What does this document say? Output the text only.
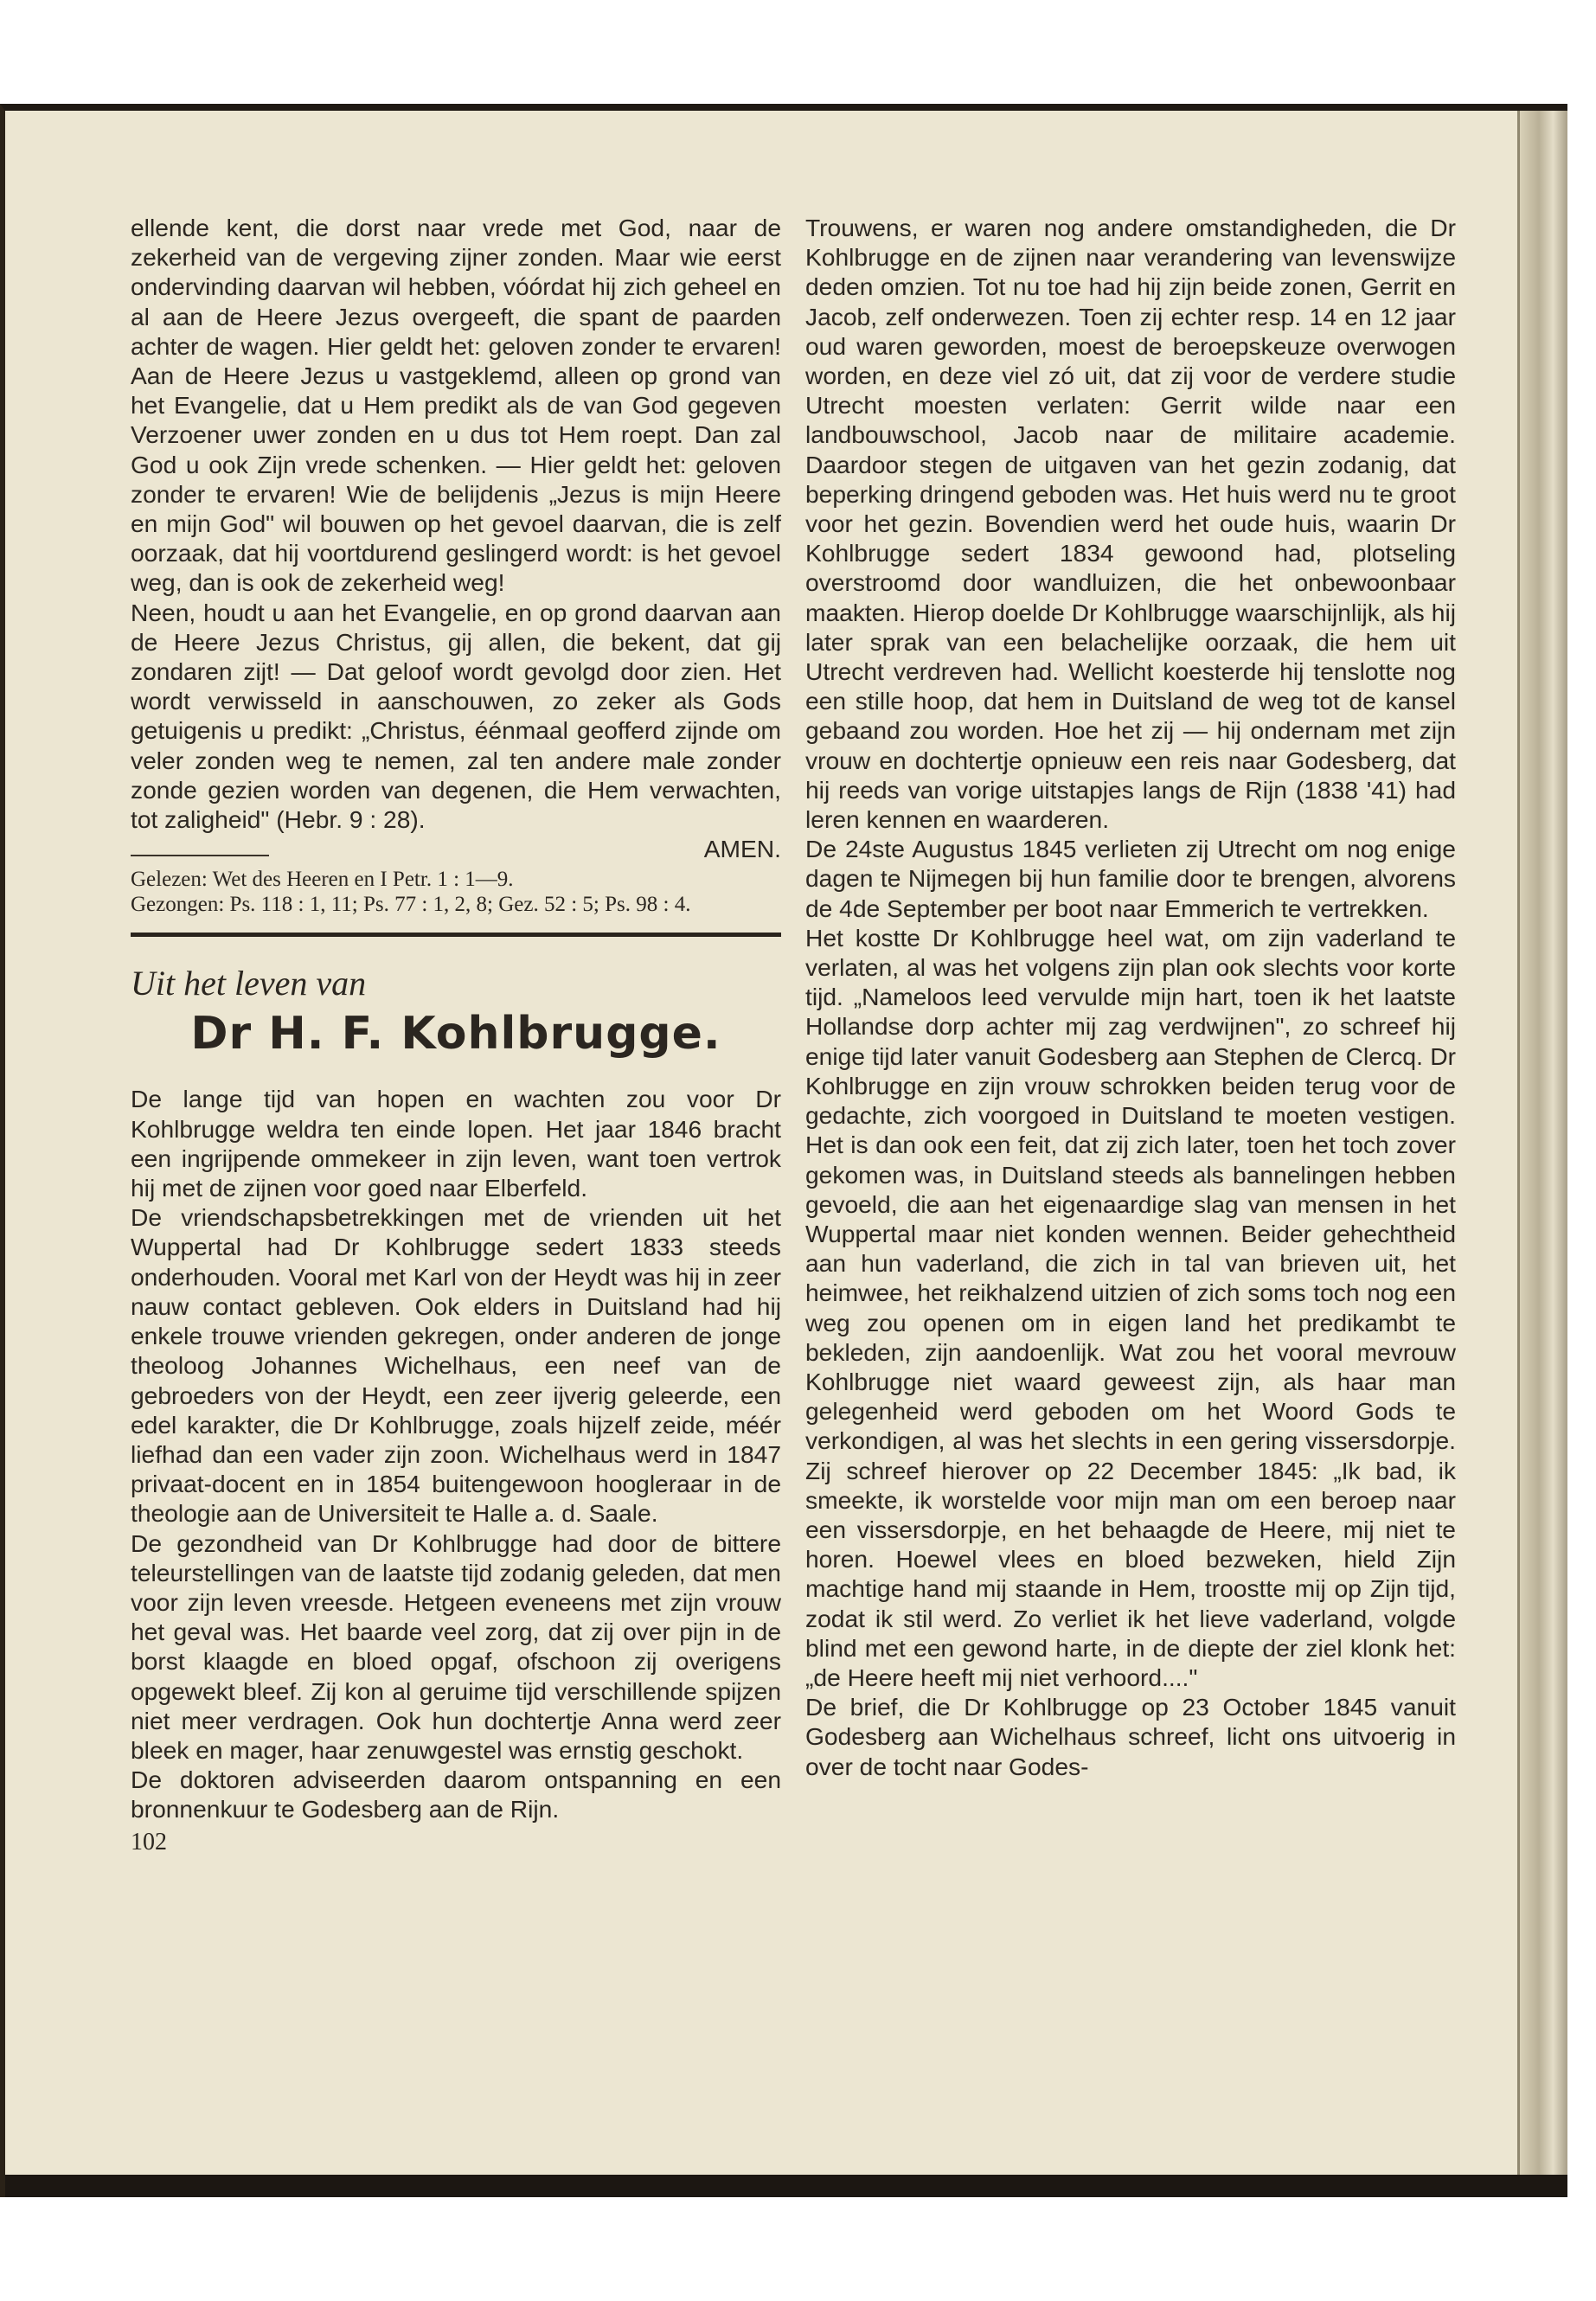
ellende kent, die dorst naar vrede met God, naar de zekerheid van de vergeving zijner zonden. Maar wie eerst ondervinding daarvan wil hebben, vóórdat hij zich geheel en al aan de Heere Jezus overgeeft, die spant de paarden achter de wagen. Hier geldt het: geloven zonder te ervaren! Aan de Heere Jezus u vastgeklemd, alleen op grond van het Evangelie, dat u Hem predikt als de van God gegeven Verzoener uwer zonden en u dus tot Hem roept. Dan zal God u ook Zijn vrede schenken. — Hier geldt het: geloven zonder te ervaren! Wie de belijdenis „Jezus is mijn Heere en mijn God" wil bouwen op het gevoel daarvan, die is zelf oorzaak, dat hij voortdurend geslingerd wordt: is het gevoel weg, dan is ook de zekerheid weg!

Neen, houdt u aan het Evangelie, en op grond daarvan aan de Heere Jezus Christus, gij allen, die bekent, dat gij zondaren zijt! — Dat geloof wordt gevolgd door zien. Het wordt verwisseld in aanschouwen, zo zeker als Gods getuigenis u predikt: „Christus, éénmaal geofferd zijnde om veler zonden weg te nemen, zal ten andere male zonder zonde gezien worden van degenen, die Hem verwachten, tot zaligheid" (Hebr. 9 : 28).

AMEN.
Gelezen: Wet des Heeren en I Petr. 1 : 1—9.
Gezongen: Ps. 118 : 1, 11; Ps. 77 : 1, 2, 8; Gez. 52 : 5; Ps. 98 : 4.
Uit het leven van
Dr H. F. Kohlbrugge.

De lange tijd van hopen en wachten zou voor Dr Kohlbrugge weldra ten einde lopen. Het jaar 1846 bracht een ingrijpende ommekeer in zijn leven, want toen vertrok hij met de zijnen voor goed naar Elberfeld.

De vriendschapsbetrekkingen met de vrienden uit het Wuppertal had Dr Kohlbrugge sedert 1833 steeds onderhouden. Vooral met Karl von der Heydt was hij in zeer nauw contact gebleven. Ook elders in Duitsland had hij enkele trouwe vrienden gekregen, onder anderen de jonge theoloog Johannes Wichelhaus, een neef van de gebroeders von der Heydt, een zeer ijverig geleerde, een edel karakter, die Dr Kohlbrugge, zoals hijzelf zeide, méér liefhad dan een vader zijn zoon. Wichelhaus werd in 1847 privaat-docent en in 1854 buitengewoon hoogleraar in de theologie aan de Universiteit te Halle a. d. Saale.

De gezondheid van Dr Kohlbrugge had door de bittere teleurstellingen van de laatste tijd zodanig geleden, dat men voor zijn leven vreesde. Hetgeen eveneens met zijn vrouw het geval was. Het baarde veel zorg, dat zij over pijn in de borst klaagde en bloed opgaf, ofschoon zij overigens opgewekt bleef. Zij kon al geruime tijd verschillende spijzen niet meer verdragen. Ook hun dochtertje Anna werd zeer bleek en mager, haar zenuwgestel was ernstig geschokt.

De doktoren adviseerden daarom ontspanning en een bronnenkuur te Godesberg aan de Rijn.

102

Trouwens, er waren nog andere omstandigheden, die Dr Kohlbrugge en de zijnen naar verandering van levenswijze deden omzien. Tot nu toe had hij zijn beide zonen, Gerrit en Jacob, zelf onderwezen. Toen zij echter resp. 14 en 12 jaar oud waren geworden, moest de beroepskeuze overwogen worden, en deze viel zó uit, dat zij voor de verdere studie Utrecht moesten verlaten: Gerrit wilde naar een landbouwschool, Jacob naar de militaire academie. Daardoor stegen de uitgaven van het gezin zodanig, dat beperking dringend geboden was. Het huis werd nu te groot voor het gezin. Bovendien werd het oude huis, waarin Dr Kohlbrugge sedert 1834 gewoond had, plotseling overstroomd door wandluizen, die het onbewoonbaar maakten. Hierop doelde Dr Kohlbrugge waarschijnlijk, als hij later sprak van een belachelijke oorzaak, die hem uit Utrecht verdreven had. Wellicht koesterde hij tenslotte nog een stille hoop, dat hem in Duitsland de weg tot de kansel gebaand zou worden. Hoe het zij — hij ondernam met zijn vrouw en dochtertje opnieuw een reis naar Godesberg, dat hij reeds van vorige uitstapjes langs de Rijn (1838 '41) had leren kennen en waarderen.

De 24ste Augustus 1845 verlieten zij Utrecht om nog enige dagen te Nijmegen bij hun familie door te brengen, alvorens de 4de September per boot naar Emmerich te vertrekken.

Het kostte Dr Kohlbrugge heel wat, om zijn vaderland te verlaten, al was het volgens zijn plan ook slechts voor korte tijd. „Nameloos leed vervulde mijn hart, toen ik het laatste Hollandse dorp achter mij zag verdwijnen", zo schreef hij enige tijd later vanuit Godesberg aan Stephen de Clercq. Dr Kohlbrugge en zijn vrouw schrokken beiden terug voor de gedachte, zich voorgoed in Duitsland te moeten vestigen. Het is dan ook een feit, dat zij zich later, toen het toch zover gekomen was, in Duitsland steeds als bannelingen hebben gevoeld, die aan het eigenaardige slag van mensen in het Wuppertal maar niet konden wennen. Beider gehechtheid aan hun vaderland, die zich in tal van brieven uit, het heimwee, het reikhalzend uitzien of zich soms toch nog een weg zou openen om in eigen land het predikambt te bekleden, zijn aandoenlijk. Wat zou het vooral mevrouw Kohlbrugge niet waard geweest zijn, als haar man gelegenheid werd geboden om het Woord Gods te verkondigen, al was het slechts in een gering vissersdorpje. Zij schreef hierover op 22 December 1845: „Ik bad, ik smeekte, ik worstelde voor mijn man om een beroep naar een vissersdorpje, en het behaagde de Heere, mij niet te horen. Hoewel vlees en bloed bezweken, hield Zijn machtige hand mij staande in Hem, troostte mij op Zijn tijd, zodat ik stil werd. Zo verliet ik het lieve vaderland, volgde blind met een gewond harte, in de diepte der ziel klonk het: „de Heere heeft mij niet verhoord...."

De brief, die Dr Kohlbrugge op 23 October 1845 vanuit Godesberg aan Wichelhaus schreef, licht ons uitvoerig in over de tocht naar Godes-
